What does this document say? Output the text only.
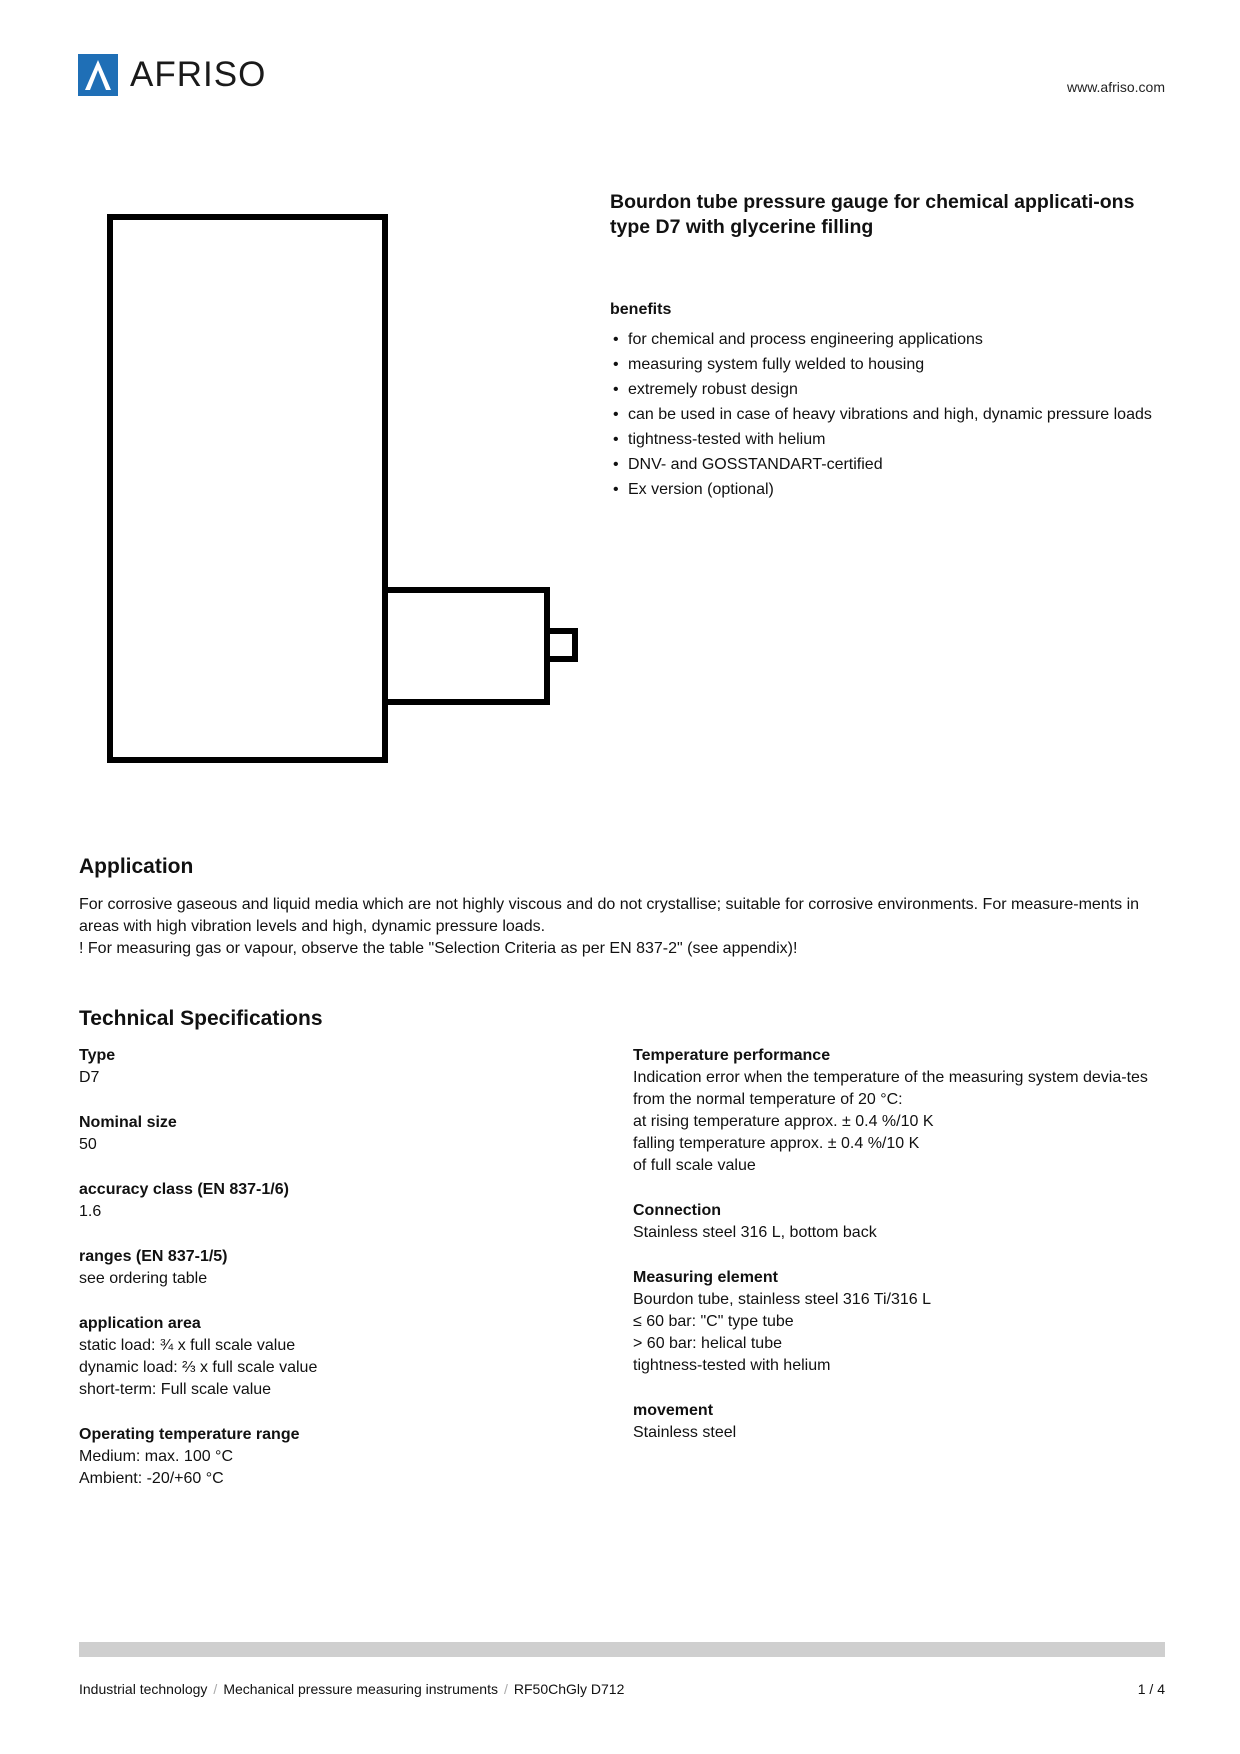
AFRISO	www.afriso.com
Bourdon tube pressure gauge for chemical applicati-ons type D7 with glycerine filling
benefits
• for chemical and process engineering applications
• measuring system fully welded to housing
• extremely robust design
• can be used in case of heavy vibrations and high, dynamic pressure loads
• tightness-tested with helium
• DNV- and GOSSTANDART-certified
• Ex version (optional)
Application

For corrosive gaseous and liquid media which are not highly viscous and do not crystallise; suitable for corrosive environments. For measure-ments in areas with high vibration levels and high, dynamic pressure loads.

! For measuring gas or vapour, observe the table "Selection Criteria as per EN 837-2" (see appendix)!

Technical Specifications
Type
D7
Nominal size
50
accuracy class (EN 837-1/6)
1.6
ranges (EN 837-1/5)
see ordering table
application area
static load: ¾ x full scale value
dynamic load: ⅔ x full scale value
short-term: Full scale value
Operating temperature range
Medium: max. 100 °C
Ambient: -20/+60 °C
Temperature performance
Indication error when the temperature of the measuring system devia-tes from the normal temperature of 20 °C:
at rising temperature approx. ± 0.4 %/10 K
falling temperature approx. ± 0.4 %/10 K
of full scale value
Connection
Stainless steel 316 L, bottom back
Measuring element
Bourdon tube, stainless steel 316 Ti/316 L
≤ 60 bar: "C" type tube
> 60 bar: helical tube
tightness-tested with helium
movement
Stainless steel
Industrial technology / Mechanical pressure measuring instruments / RF50ChGly D712	1 / 4
